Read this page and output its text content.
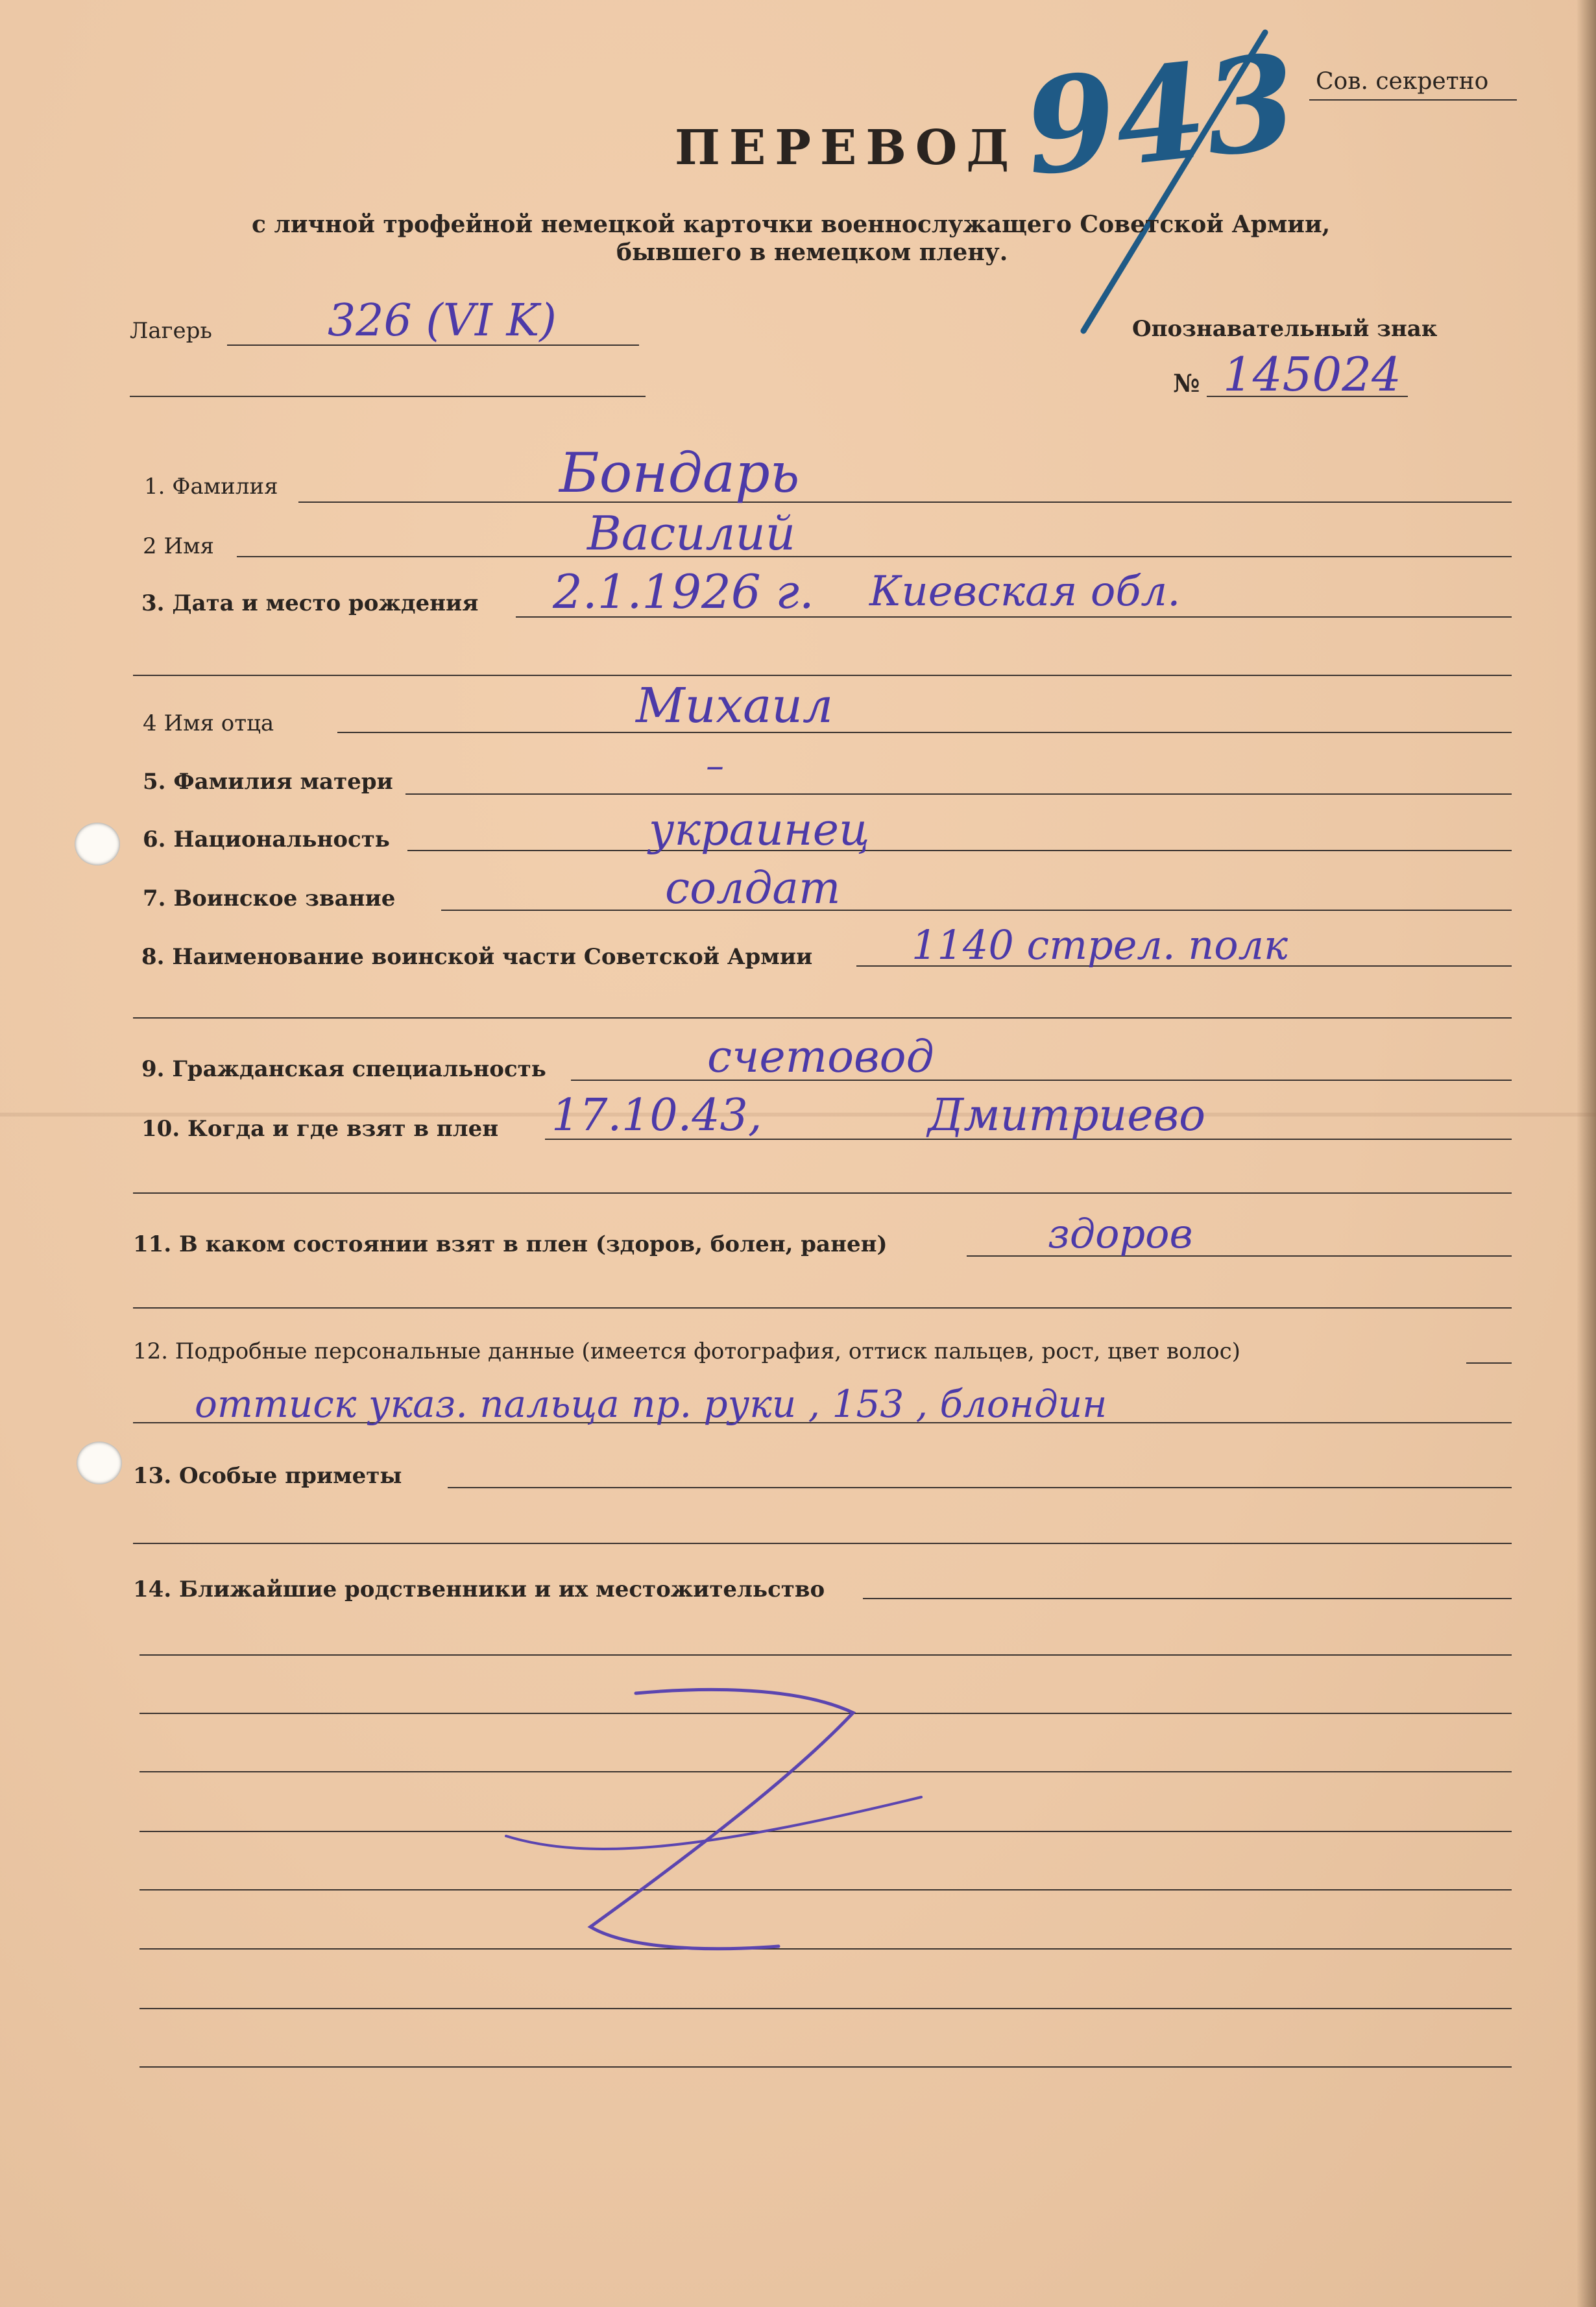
Сов. секретно
943
ПЕРЕВОД
с личной трофейной немецкой карточки военнослужащего Советской Армии,
бывшего в немецком плену.
Лагерь	326 (VI K)	Опознавательный знак
№ 145024
1. Фамилия	Бондарь
2 Имя	Василий
3. Дата и место рождения 2.1.1926 г. Киевская обл.
4 Имя отца	Михаил
5. Фамилия матери	–
6. Национальность	украинец
7. Воинское звание	солдат
8. Наименование воинской части Советской Армии 1140 стрел. полк
9. Гражданская специальность	счетовод
10. Когда и где взят в плен 17.10.43,	Дмитриево
11. В каком состоянии взят в плен (здоров, болен, ранен)	здоров
12. Подробные персональные данные (имеется фотография, оттиск пальцев, рост, цвет волос)
оттиск указ. пальца пр. руки , 153 , блондин
13. Особые приметы
14. Ближайшие родственники и их местожительство
